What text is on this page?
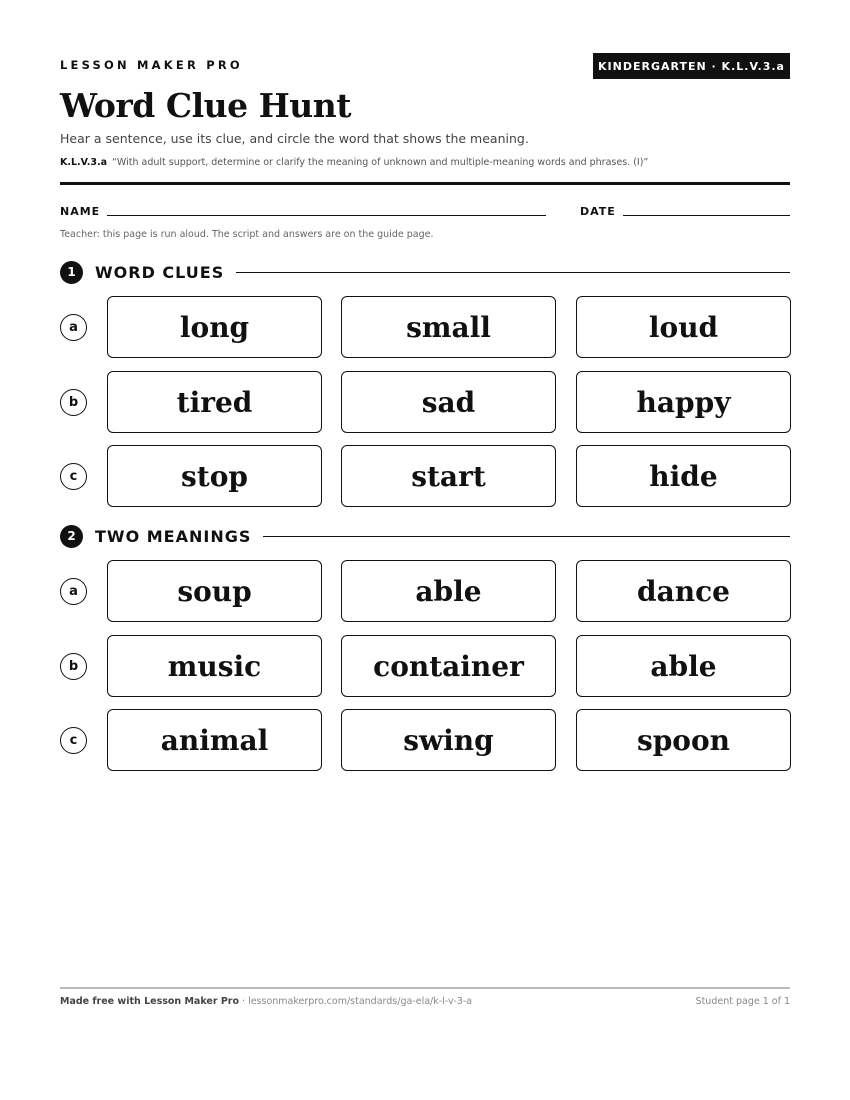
LESSON MAKER PRO	KINDERGARTEN · K.L.V.3.a
Word Clue Hunt
Hear a sentence, use its clue, and circle the word that shows the meaning.
K.L.V.3.a “With adult support, determine or clarify the meaning of unknown and multiple-meaning words and phrases. (I)”
NAME	DATE
Teacher: this page is run aloud. The script and answers are on the guide page.
1	WORD CLUES
a	long	small	loud
b	tired	sad	happy
c	stop	start	hide
2	TWO MEANINGS
a	soup	able	dance
b	music	container	able
c	animal	swing	spoon
Made free with Lesson Maker Pro · lessonmakerpro.com/standards/ga-ela/k-l-v-3-a	Student page 1 of 1
